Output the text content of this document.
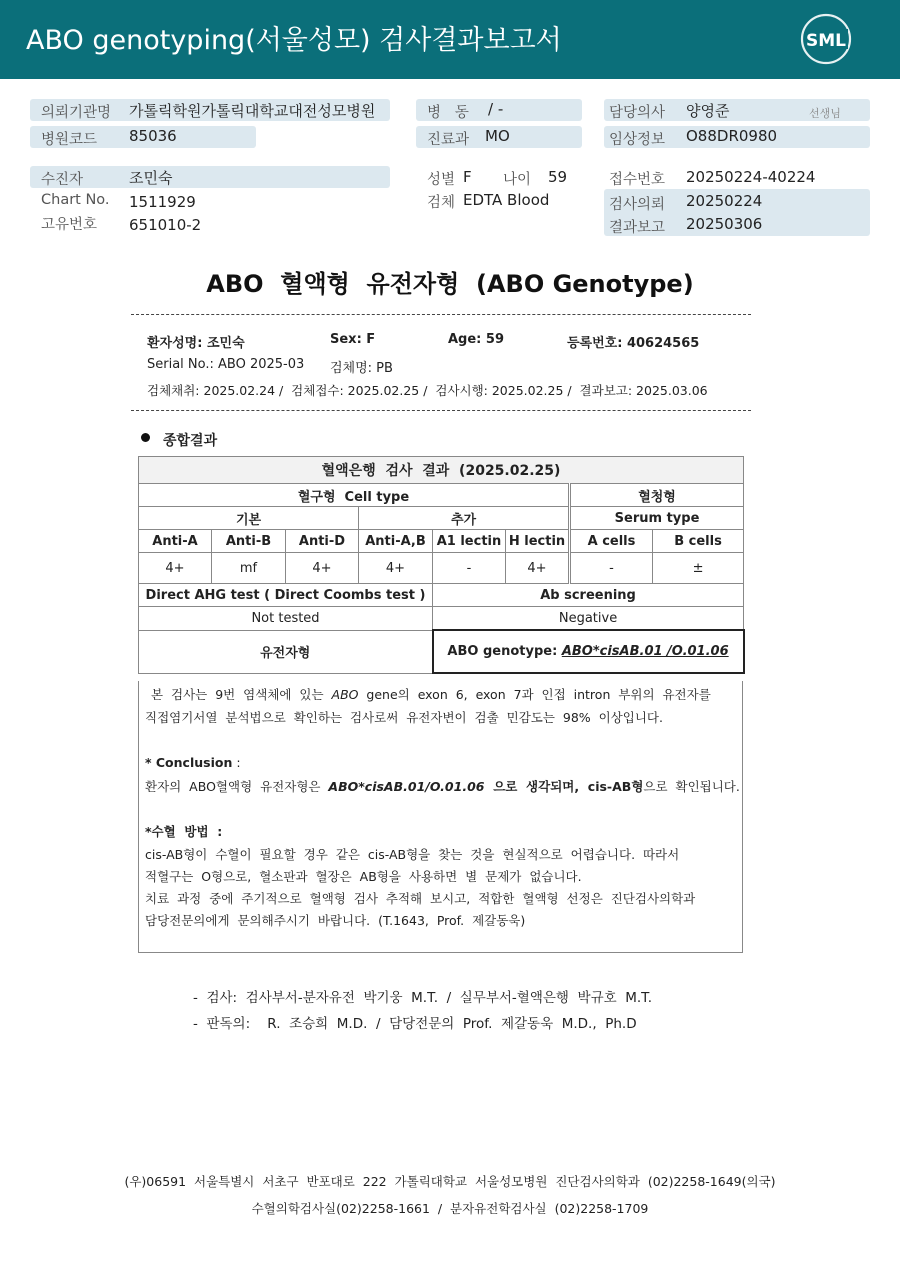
ABO genotyping(서울성모) 검사결과보고서	SML
의뢰기관명 가톨릭학원가톨릭대학교대전성모병원
병원코드 85036
병   동 / -
진료과 MO
담당의사 양영준	선생님
임상정보 O88DR0980
수진자	조민숙
Chart No. 1511929
고유번호 651010-2
성별 F 나이 59
검체 EDTA Blood
접수번호 20250224-40224
검사의뢰 20250224
결과보고 20250306
ABO  혈액형  유전자형  (ABO Genotype)
환자성명: 조민숙	Sex: F	Age: 59	등록번호: 40624565
Serial No.: ABO 2025-03 검체명: PB
검체채취: 2025.02.24 /  검체접수: 2025.02.25 /  검사시행: 2025.02.25 /  결과보고: 2025.03.06
종합결과
혈액은행  검사  결과  (2025.02.25)							
혈구형  Cell type						혈청형	
기본			추가			Serum type	
Anti-A	Anti-B	Anti-D	Anti-A,B	A1 lectin	H lectin	A cells	B cells
4+	mf	4+	4+	-	4+	-	±
Direct AHG test ( Direct Coombs test )				Ab screening			
Not tested				Negative			
유전자형				ABO genotype: ABO*cisAB.01 /O.01.06			
본  검사는  9번  염색체에  있는  ABO  gene의  exon  6,  exon  7과  인접  intron  부위의  유전자를
직접염기서열  분석법으로  확인하는  검사로써  유전자변이  검출  민감도는  98%  이상입니다.
* Conclusion :
환자의  ABO혈액형  유전자형은  ABO*cisAB.01/O.01.06  으로  생각되며,  cis-AB형으로  확인됩니다.
*수혈  방법  :
cis-AB형이  수혈이  필요할  경우  같은  cis-AB형을  찾는  것을  현실적으로  어렵습니다.  따라서
적혈구는  O형으로,  혈소판과  혈장은  AB형을  사용하면  별  문제가  없습니다.
치료  과정  중에  주기적으로  혈액형  검사  추적해  보시고,  적합한  혈액형  선정은  진단검사의학과
담당전문의에게  문의해주시기  바랍니다.  (T.1643,  Prof.  제갈동욱)
-  검사:  검사부서-분자유전  박기웅  M.T.  /  실무부서-혈액은행  박규호  M.T.
-  판독의:    R.  조승희  M.D.  /  담당전문의  Prof.  제갈동욱  M.D.,  Ph.D
(우)06591  서울특별시  서초구  반포대로  222  가톨릭대학교  서울성모병원  진단검사의학과  (02)2258-1649(의국)
수혈의학검사실(02)2258-1661  /  분자유전학검사실  (02)2258-1709
